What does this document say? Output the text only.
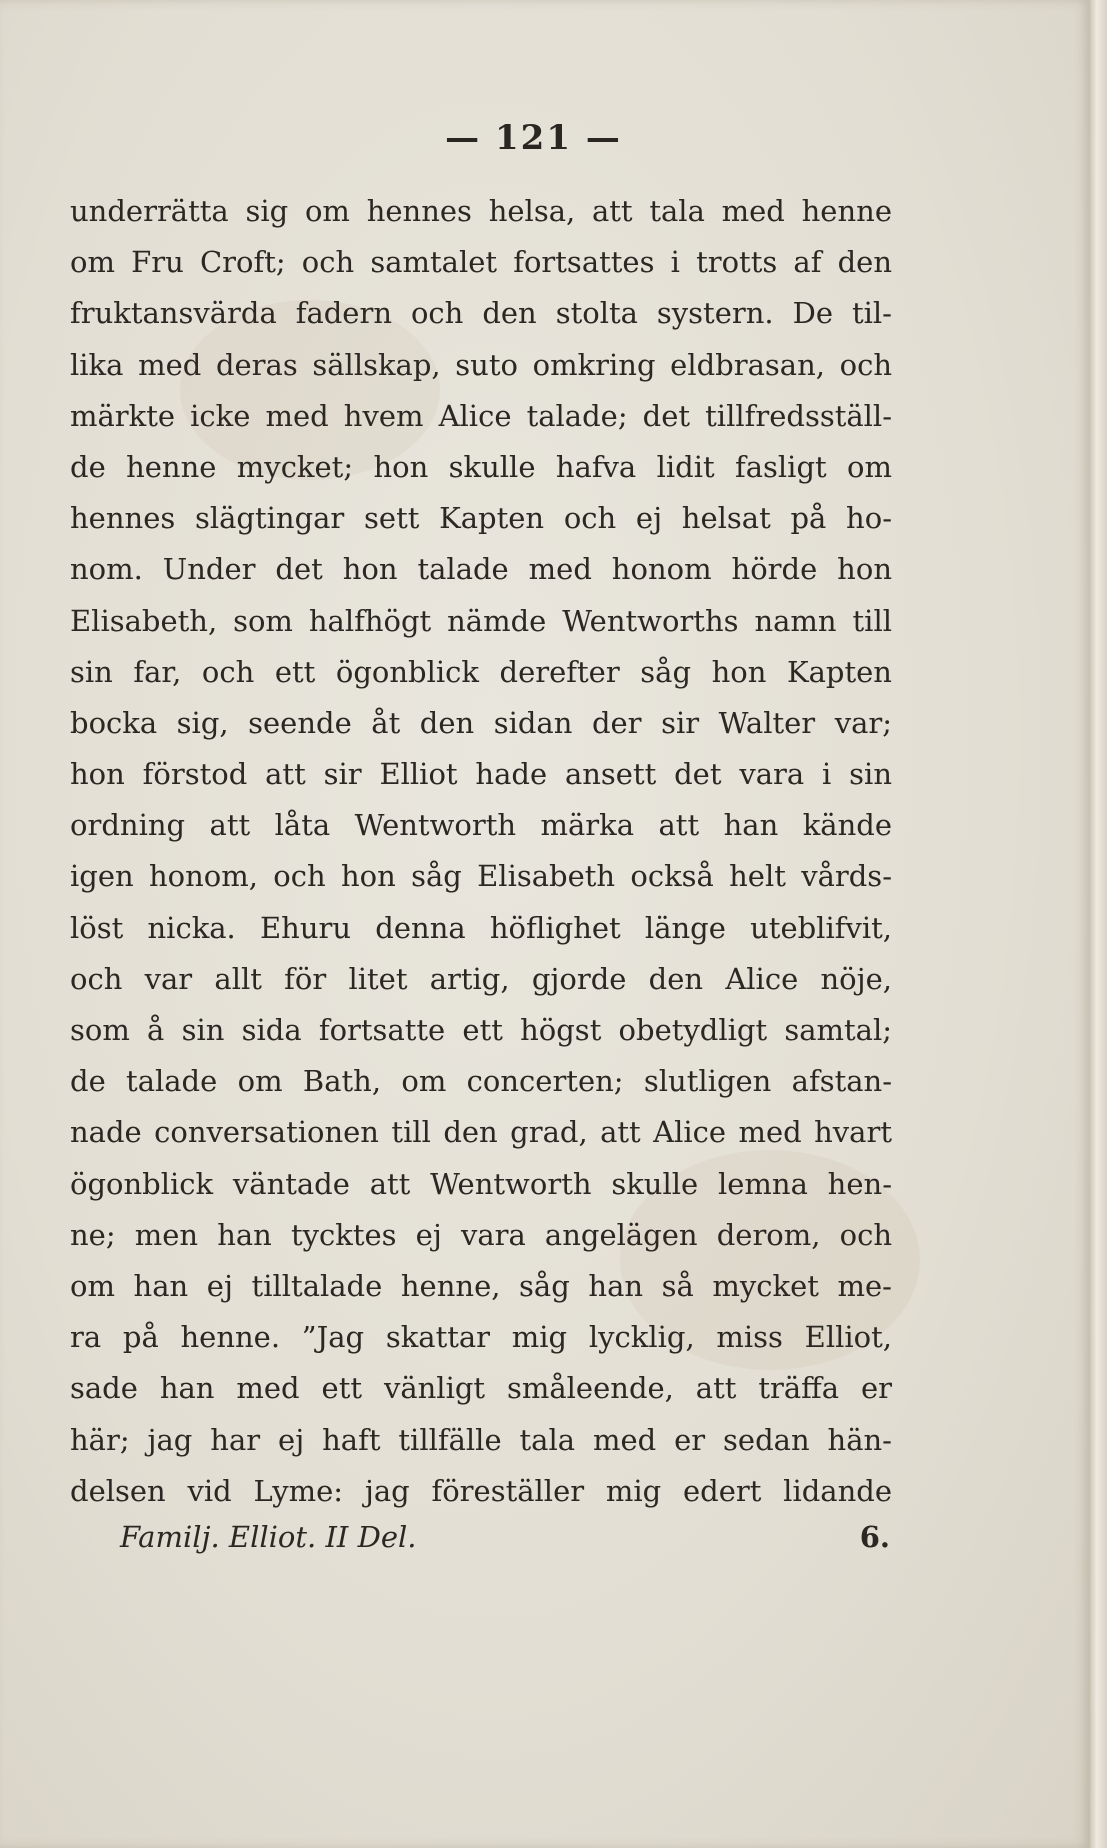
— 121 —
underrätta sig om hennes helsa, att tala med henne
om Fru Croft; och samtalet fortsattes i trotts af den
fruktansvärda fadern och den stolta systern. De til-
lika med deras sällskap, suto omkring eldbrasan, och
märkte icke med hvem Alice talade; det tillfredsställ-
de henne mycket; hon skulle hafva lidit fasligt om
hennes slägtingar sett Kapten och ej helsat på ho-
nom. Under det hon talade med honom hörde hon
Elisabeth, som halfhögt nämde Wentworths namn till
sin far, och ett ögonblick derefter såg hon Kapten
bocka sig, seende åt den sidan der sir Walter var;
hon förstod att sir Elliot hade ansett det vara i sin
ordning att låta Wentworth märka att han kände
igen honom, och hon såg Elisabeth också helt vårds-
löst nicka. Ehuru denna höflighet länge uteblifvit,
och var allt för litet artig, gjorde den Alice nöje,
som å sin sida fortsatte ett högst obetydligt samtal;
de talade om Bath, om concerten; slutligen afstan-
nade conversationen till den grad, att Alice med hvart
ögonblick väntade att Wentworth skulle lemna hen-
ne; men han tycktes ej vara angelägen derom, och
om han ej tilltalade henne, såg han så mycket me-
ra på henne. ”Jag skattar mig lycklig, miss Elliot,
sade han med ett vänligt småleende, att träffa er
här; jag har ej haft tillfälle tala med er sedan hän-
delsen vid Lyme: jag föreställer mig edert lidande
Familj. Elliot. II Del.	6.
